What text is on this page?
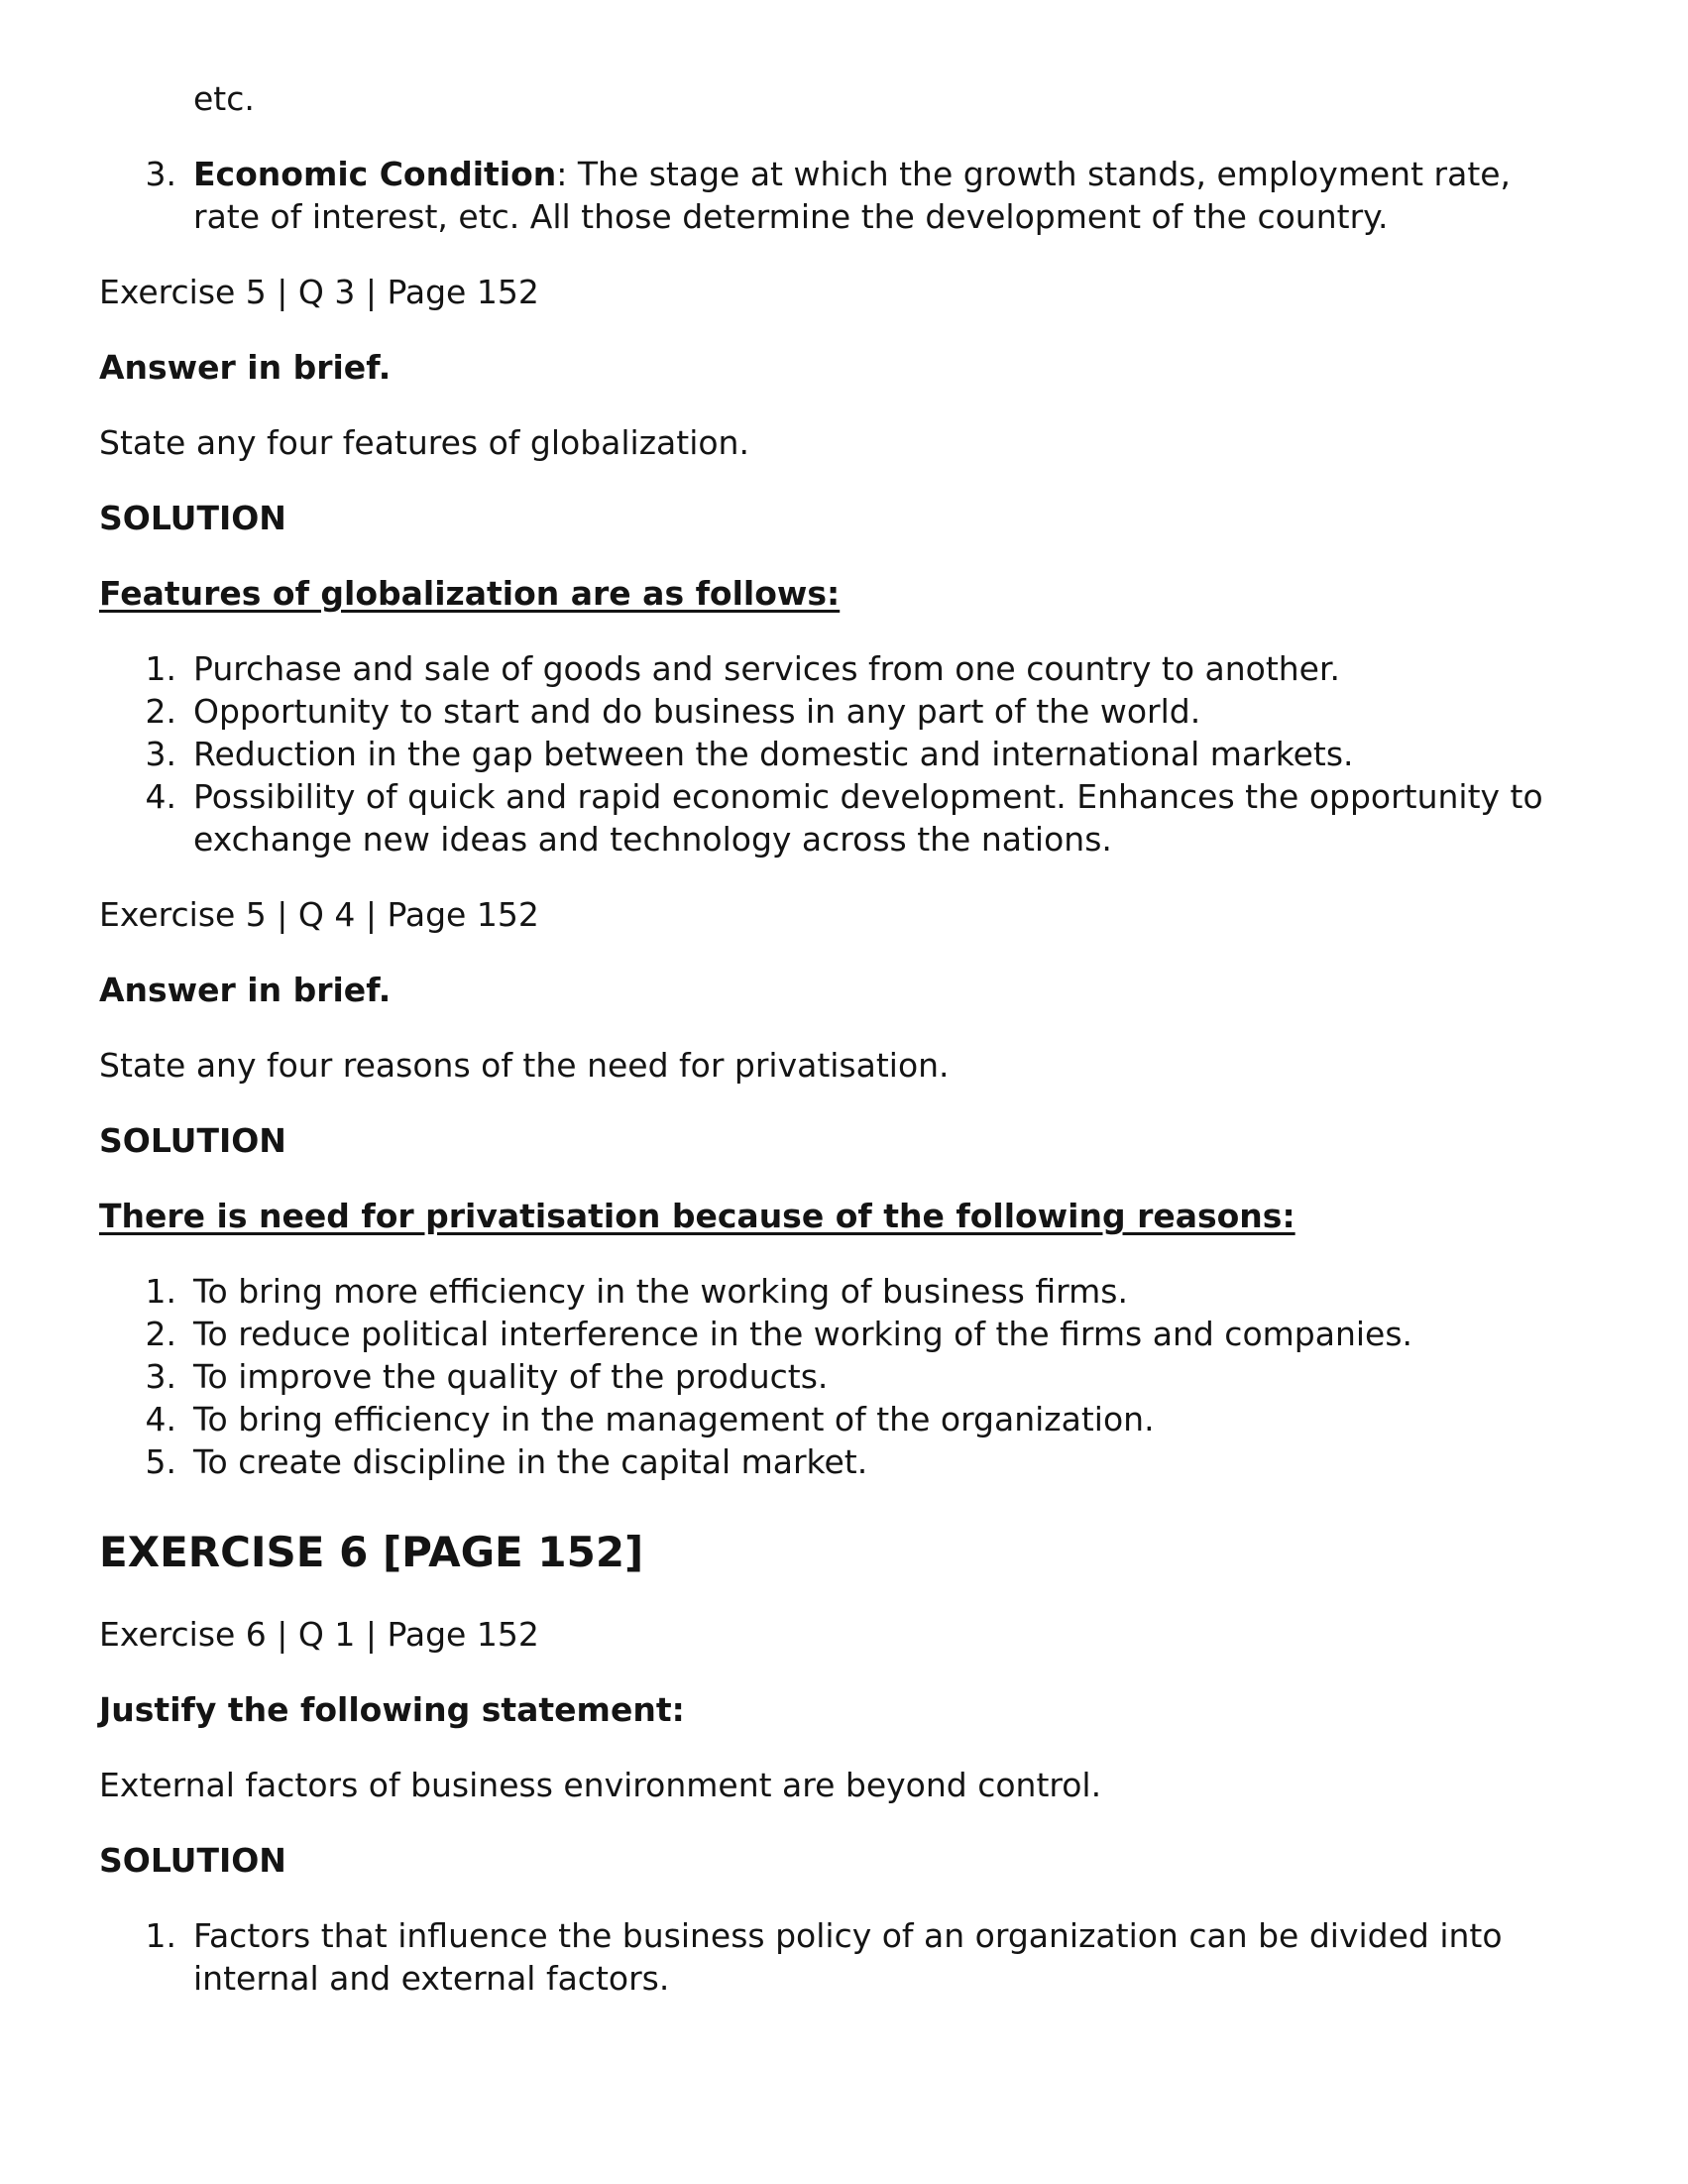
etc.

3. Economic Condition: The stage at which the growth stands, employment rate, rate of interest, etc. All those determine the development of the country.

Exercise 5 | Q 3 | Page 152

Answer in brief.

State any four features of globalization.

SOLUTION

Features of globalization are as follows:

1. Purchase and sale of goods and services from one country to another.
2. Opportunity to start and do business in any part of the world.
3. Reduction in the gap between the domestic and international markets.
4. Possibility of quick and rapid economic development. Enhances the opportunity to exchange new ideas and technology across the nations.

Exercise 5 | Q 4 | Page 152

Answer in brief.

State any four reasons of the need for privatisation.

SOLUTION

There is need for privatisation because of the following reasons:

1. To bring more efficiency in the working of business firms.
2. To reduce political interference in the working of the firms and companies.
3. To improve the quality of the products.
4. To bring efficiency in the management of the organization.
5. To create discipline in the capital market.
EXERCISE 6 [PAGE 152]

Exercise 6 | Q 1 | Page 152

Justify the following statement:

External factors of business environment are beyond control.

SOLUTION

1. Factors that influence the business policy of an organization can be divided into internal and external factors.
